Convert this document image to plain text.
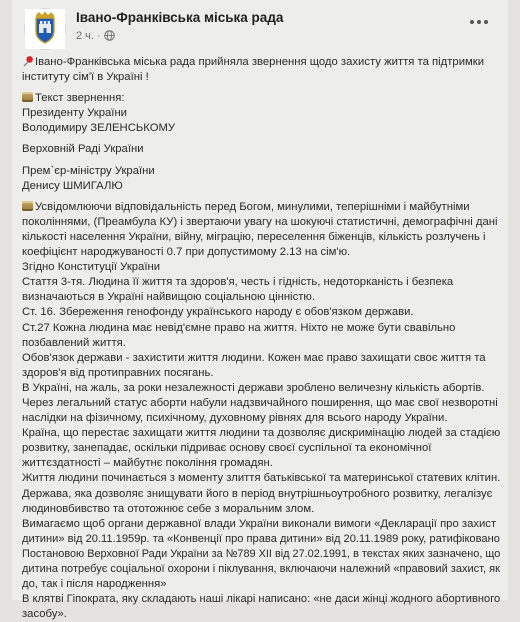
Івано-Франківська міська рада
2 ч. ·
Івано-Франківська міська рада прийняла звернення щодо захисту життя та підтримки
інституту сім'ї в Україні !
Текст звернення:
Президенту України
Володимиру ЗЕЛЕНСЬКОМУ
Верховній Раді України
Прем`єр-міністру України
Денису ШМИГАЛЮ
Усвідомлюючи відповідальність перед Богом, минулими, теперішніми і майбутніми
поколіннями, (Преамбула КУ) і звертаючи увагу на шокуючі статистичні, демографічні дані
кількості населення України, війну, міграцію, переселення біженців, кількість розлучень і
коефіцієнт народжуваності 0.7 при допустимому 2.13 на сім'ю.
Згідно Конституції України
Стаття 3-тя. Людина її життя та здоров'я, честь і гідність, недоторканість і безпека
визначаються в Україні найвищою соціальною цінністю.
Ст. 16. Збереження генофонду українського народу є обов'язком держави.
Ст.27 Кожна людина має невід'ємне право на життя. Ніхто не може бути свавільно
позбавлений життя.
Обов'язок держави - захистити життя людини. Кожен має право захищати своє життя та
здоров'я від протиправних посягань.
В Україні, на жаль, за роки незалежності держави зроблено величезну кількість абортів.
Через легальний статус аборти набули надзвичайного поширення, що має свої незворотні
наслідки на фізичному, психічному, духовному рівнях для всього народу України.
Країна, що перестає захищати життя людини та дозволяє дискримінацію людей за стадією
розвитку, занепадає, оскільки підриває основу своєї суспільної та економічної
життєздатності – майбутнє покоління громадян.
Життя людини починається з моменту злиття батьківської та материнської статевих клітин.
Держава, яка дозволяє знищувати його в період внутрішньоутробного розвитку, легалізує
людиновбивство та ототожнює себе з моральним злом.
Вимагаємо щоб органи державної влади України виконали вимоги «Декларації про захист
дитини» від 20.11.1959р. та «Конвенції про права дитини» від 20.11.1989 року, ратифіковано
Постановою Верховної Ради України за №789 XII від 27.02.1991, в текстах яких зазначено, що
дитина потребує соціальної охорони і піклування, включаючи належний «правовий захист, як
до, так і після народження»
В клятві Гіпократа, яку складають наші лікарі написано: «не даси жінці жодного абортивного
засобу».
